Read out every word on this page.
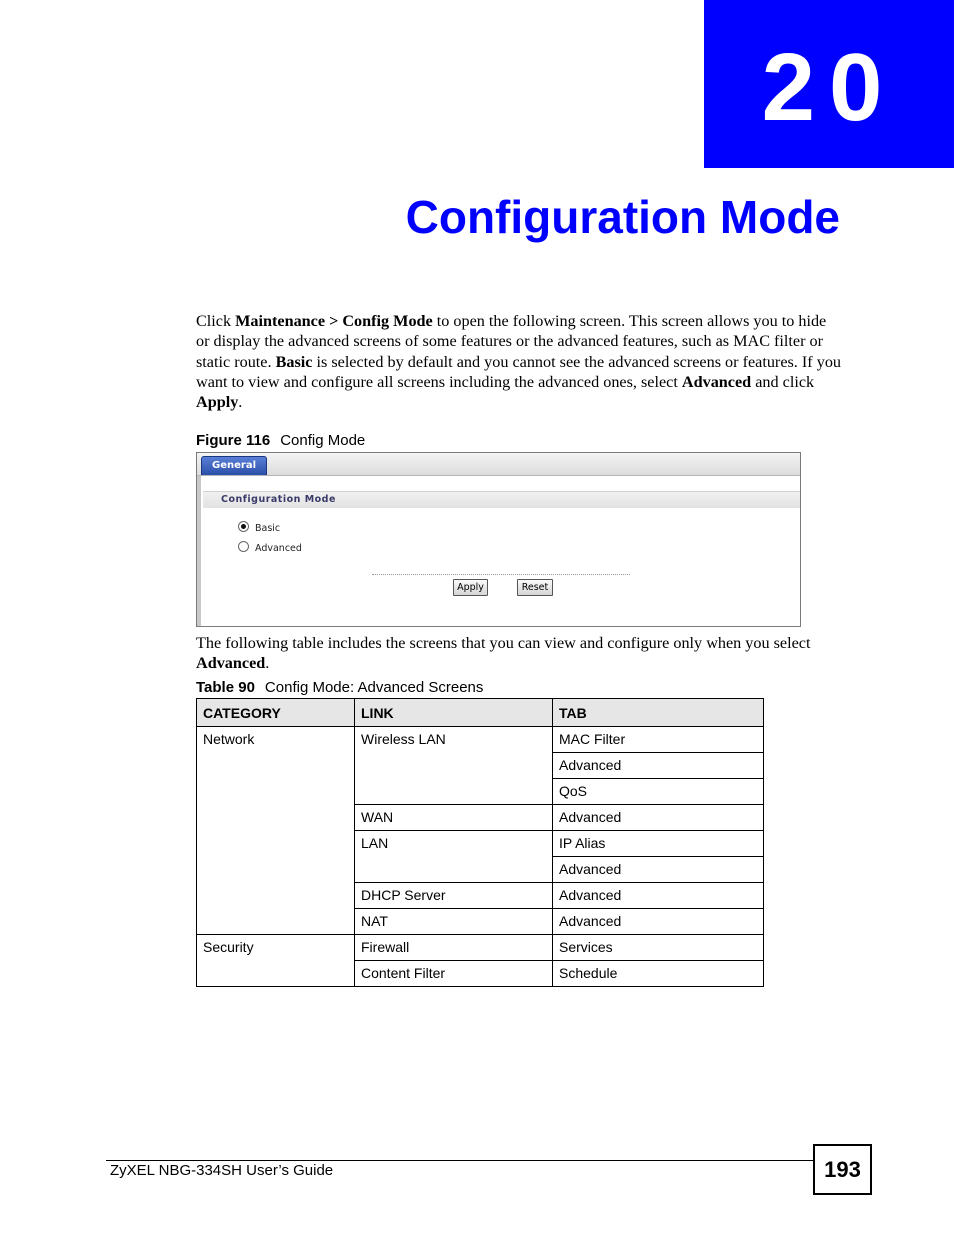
20
Configuration Mode

Click Maintenance > Config Mode to open the following screen. This screen allows you to hide or display the advanced screens of some features or the advanced features, such as MAC filter or static route. Basic is selected by default and you cannot see the advanced screens or features. If you want to view and configure all screens including the advanced ones, select Advanced and click Apply.

Figure 116 Config Mode
General
Configuration Mode
Basic
Advanced
Apply	Reset

The following table includes the screens that you can view and configure only when you select Advanced.

Table 90 Config Mode: Advanced Screens
CATEGORY	LINK	TAB
Network	Wireless LAN	MAC Filter
		Advanced
		QoS
	WAN	Advanced
	LAN	IP Alias
		Advanced
	DHCP Server	Advanced
	NAT	Advanced
Security	Firewall	Services
	Content Filter	Schedule
ZyXEL NBG-334SH User’s Guide	193
